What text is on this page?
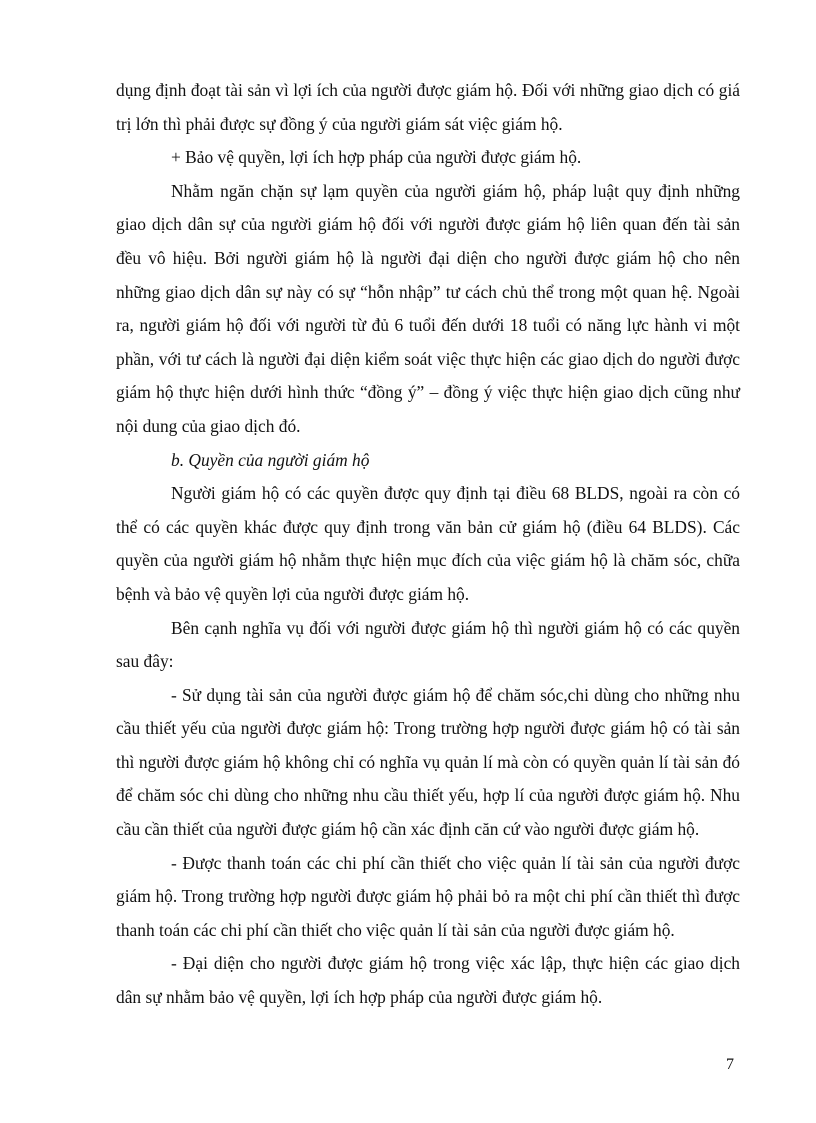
dụng định đoạt tài sản vì lợi ích của người được giám hộ. Đối với những giao dịch có giá trị lớn thì phải được sự đồng ý của người giám sát việc giám hộ.

+ Bảo vệ quyền, lợi ích hợp pháp của người được giám hộ.

Nhằm ngăn chặn sự lạm quyền của người giám hộ, pháp luật quy định những giao dịch dân sự của người giám hộ đối với người được giám hộ liên quan đến tài sản đều vô hiệu. Bởi người giám hộ là người đại diện cho người được giám hộ cho nên những giao dịch dân sự này có sự “hỗn nhập” tư cách chủ thể trong một quan hệ. Ngoài ra, người giám hộ đối với người từ đủ 6 tuổi đến dưới 18 tuổi có năng lực hành vi một phần, với tư cách là người đại diện kiểm soát việc thực hiện các giao dịch do người được giám hộ thực hiện dưới hình thức “đồng ý” – đồng ý việc thực hiện giao dịch cũng như nội dung của giao dịch đó.

b. Quyền của người giám hộ

Người giám hộ có các quyền được quy định tại điều 68 BLDS, ngoài ra còn có thể có các quyền khác được quy định trong văn bản cử giám hộ (điều 64 BLDS). Các quyền của người giám hộ nhằm thực hiện mục đích của việc giám hộ là chăm sóc, chữa bệnh và bảo vệ quyền lợi của người được giám hộ.

Bên cạnh nghĩa vụ đối với người được giám hộ thì người giám hộ có các quyền sau đây:

- Sử dụng tài sản của người được giám hộ để chăm sóc,chi dùng cho những nhu cầu thiết yếu của người được giám hộ: Trong trường hợp người được giám hộ có tài sản thì người được giám hộ không chỉ có nghĩa vụ quản lí mà còn có quyền quản lí tài sản đó để chăm sóc chi dùng cho những nhu cầu thiết yếu, hợp lí của người được giám hộ. Nhu cầu cần thiết của người được giám hộ cần xác định căn cứ vào người được giám hộ.

- Được thanh toán các chi phí cần thiết cho việc quản lí tài sản của người được giám hộ. Trong trường hợp người được giám hộ phải bỏ ra một chi phí cần thiết thì được thanh toán các chi phí cần thiết cho việc quản lí tài sản của người được giám hộ.

- Đại diện cho người được giám hộ trong việc xác lập, thực hiện các giao dịch dân sự nhằm bảo vệ quyền, lợi ích hợp pháp của người được giám hộ.

7
